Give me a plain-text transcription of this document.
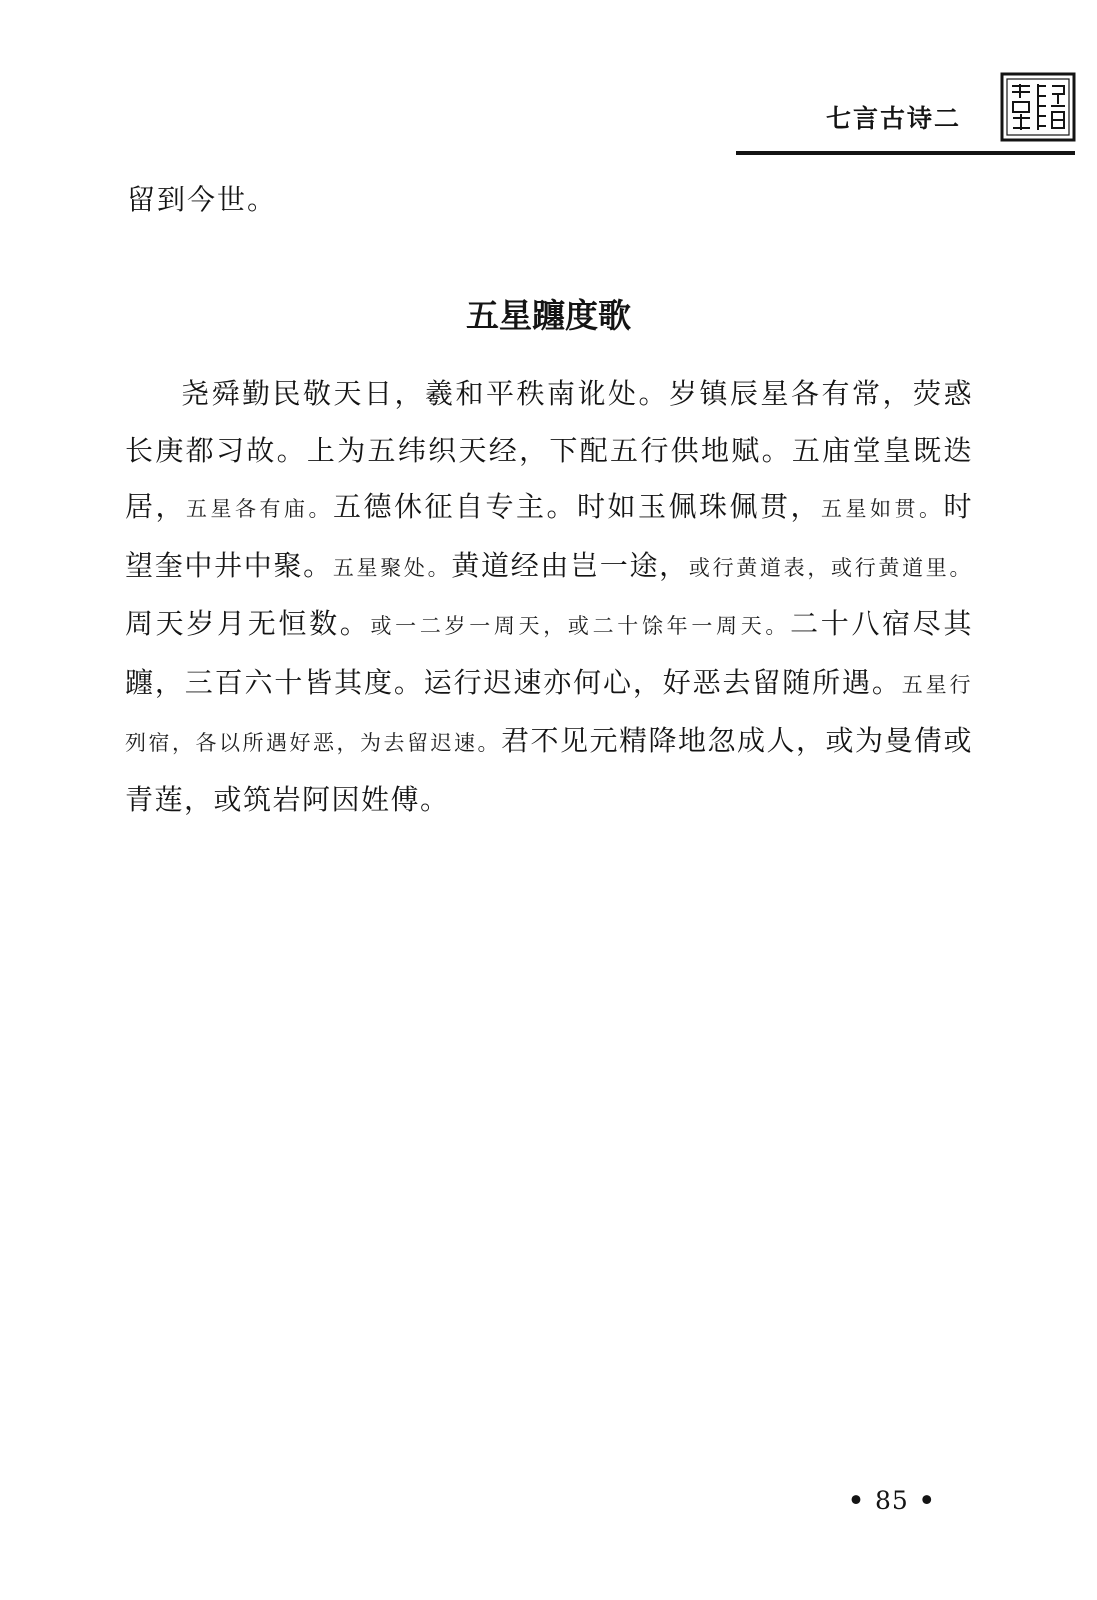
七言古诗二
留到今世。
五星躔度歌
尧舜勤民敬天日，羲和平秩南讹处。岁镇辰星各有常，荧惑长庚都习故。上为五纬织天经，下配五行供地赋。五庙堂皇既迭居，五星各有庙。五德休征自专主。时如玉佩珠佩贯，五星如贯。时望奎中井中聚。五星聚处。黄道经由岂一途，或行黄道表，或行黄道里。周天岁月无恒数。或一二岁一周天，或二十馀年一周天。二十八宿尽其躔，三百六十皆其度。运行迟速亦何心，好恶去留随所遇。五星行列宿，各以所遇好恶，为去留迟速。君不见元精降地忽成人，或为曼倩或青莲，或筑岩阿因姓傅。
• 85 •
